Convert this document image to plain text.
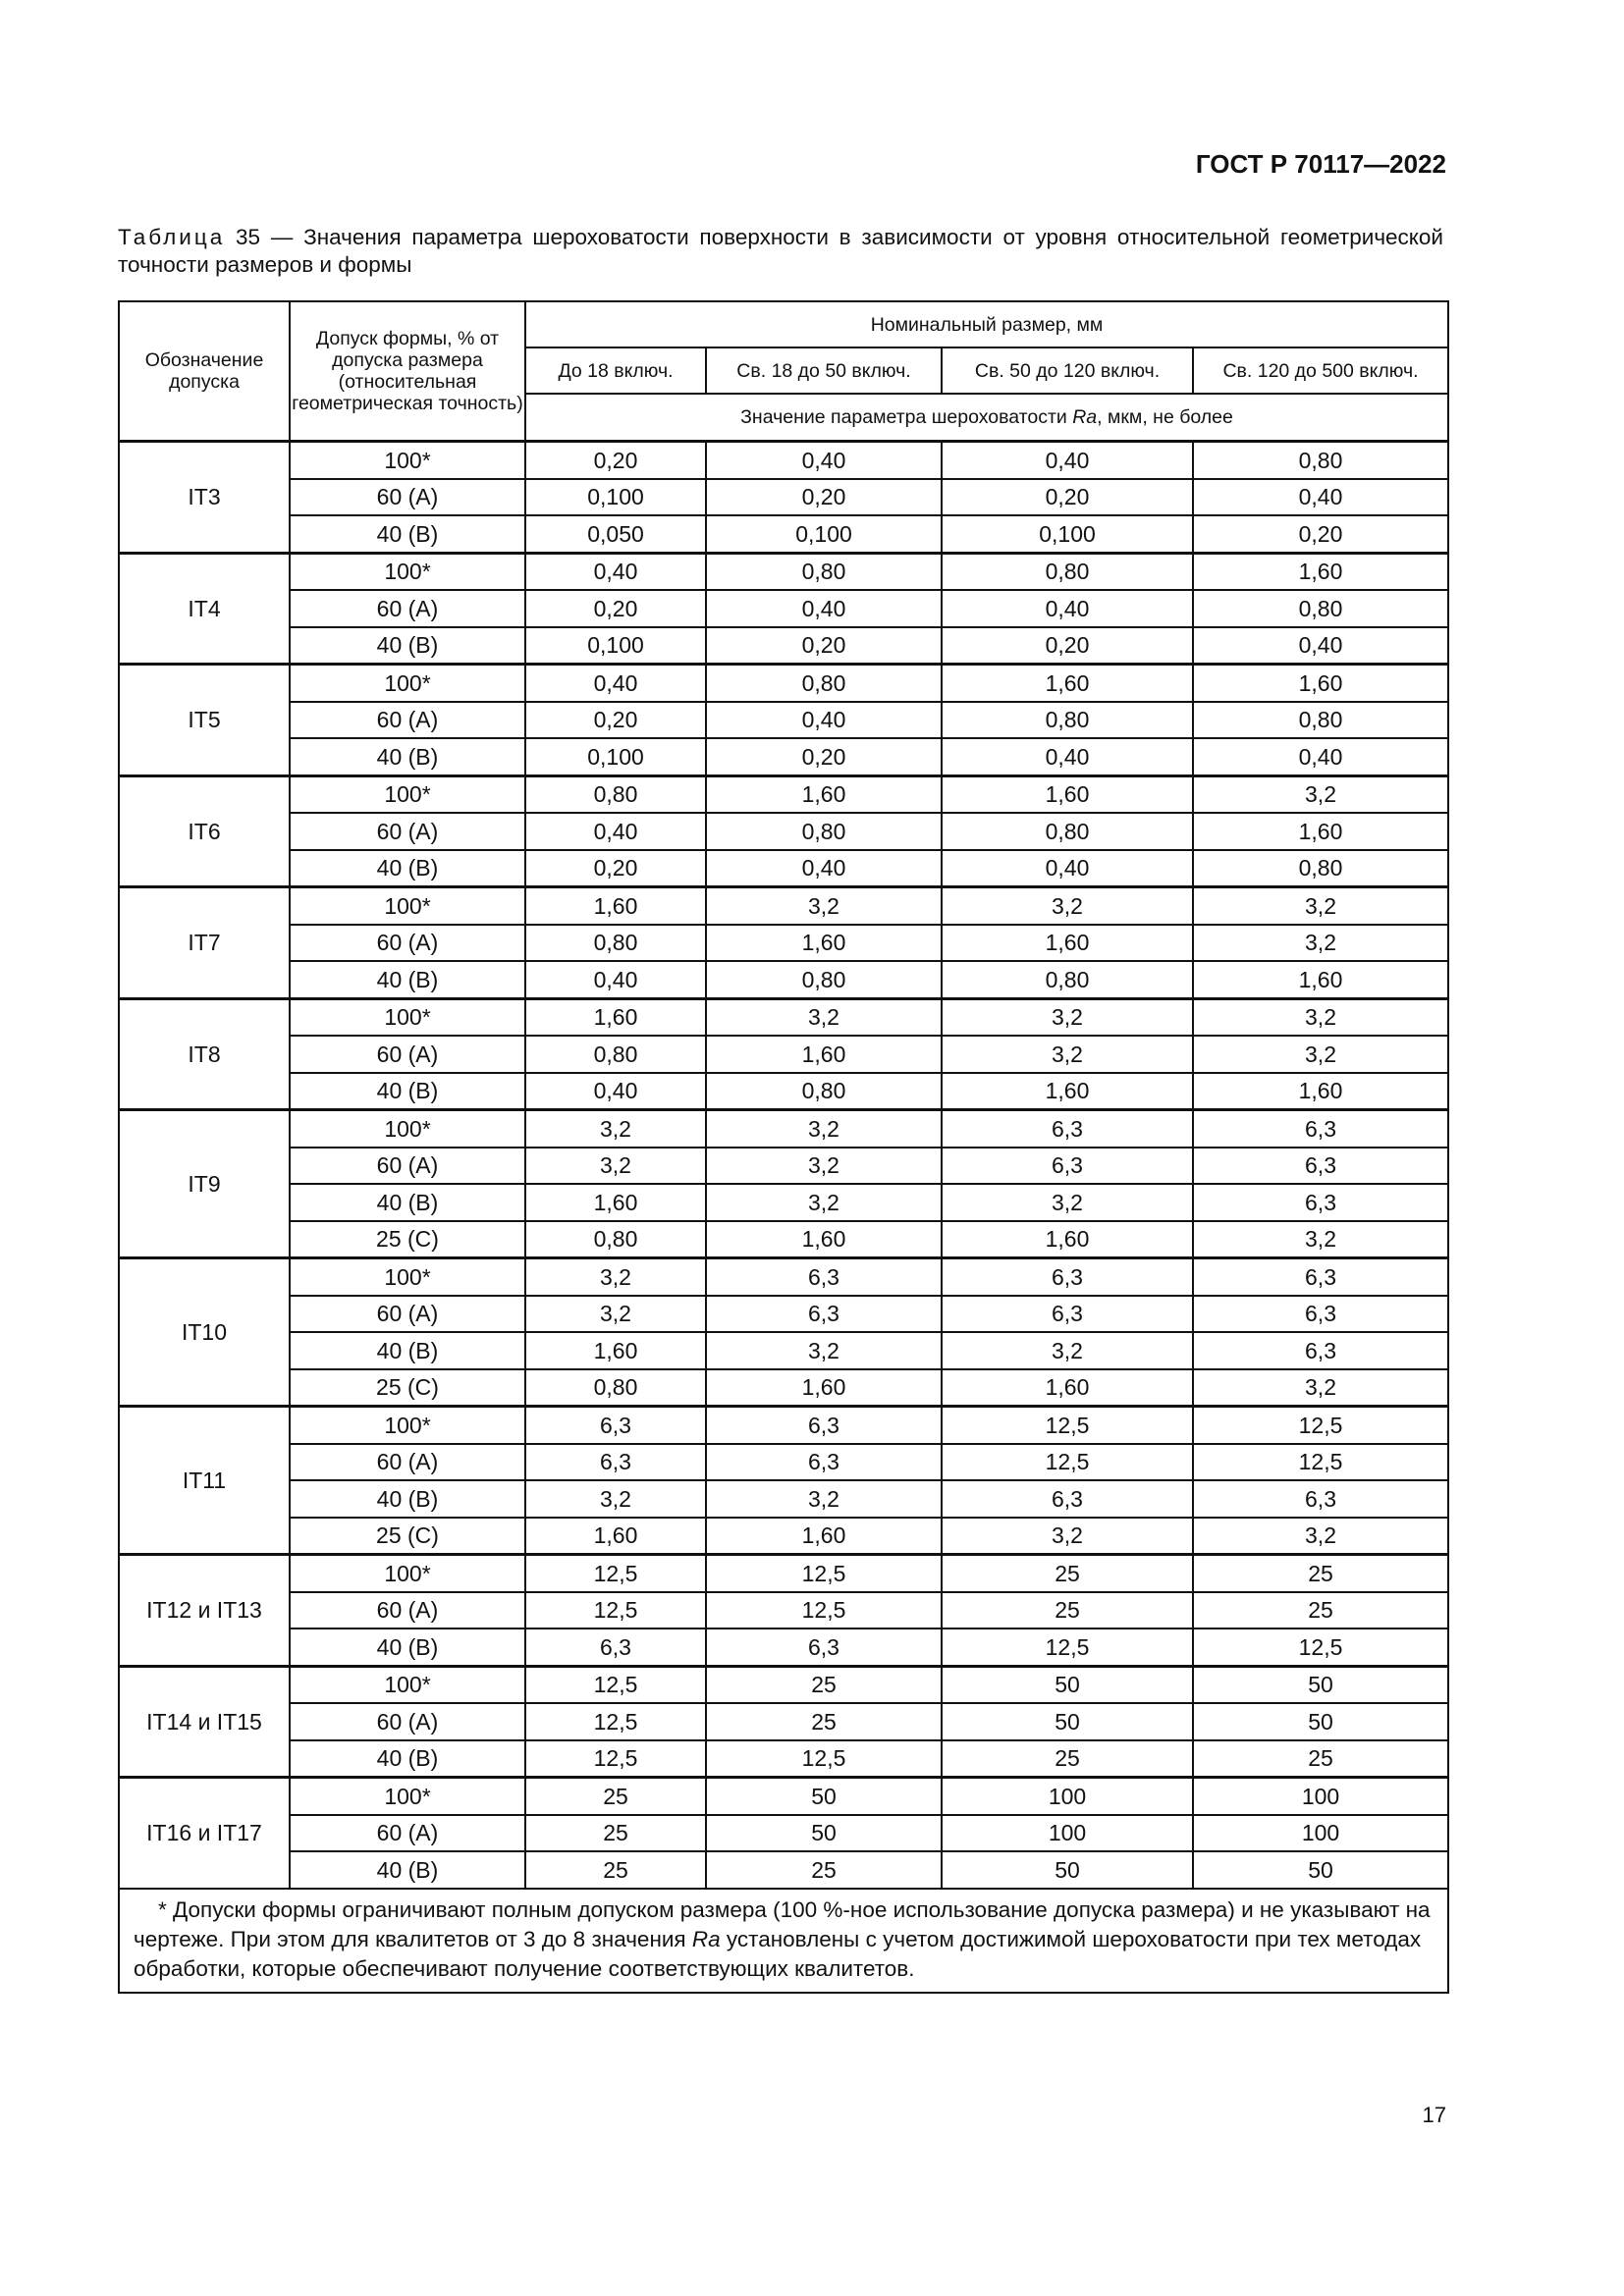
ГОСТ Р 70117—2022
Таблица 35 — Значения параметра шероховатости поверхности в зависимости от уровня относительной геометрической точности размеров и формы
Обозначение допуска	Допуск формы, % от допуска размера (относительная геометрическая точность)	Номинальный размер, мм			
		До 18 включ.	Св. 18 до 50 включ.	Св. 50 до 120 включ.	Св. 120 до 500 включ.
		Значение параметра шероховатости Ra, мкм, не более			
IT3	100*	0,20	0,40	0,40	0,80
	60 (A)	0,100	0,20	0,20	0,40
	40 (B)	0,050	0,100	0,100	0,20
IT4	100*	0,40	0,80	0,80	1,60
	60 (A)	0,20	0,40	0,40	0,80
	40 (B)	0,100	0,20	0,20	0,40
IT5	100*	0,40	0,80	1,60	1,60
	60 (A)	0,20	0,40	0,80	0,80
	40 (B)	0,100	0,20	0,40	0,40
IT6	100*	0,80	1,60	1,60	3,2
	60 (A)	0,40	0,80	0,80	1,60
	40 (B)	0,20	0,40	0,40	0,80
IT7	100*	1,60	3,2	3,2	3,2
	60 (A)	0,80	1,60	1,60	3,2
	40 (B)	0,40	0,80	0,80	1,60
IT8	100*	1,60	3,2	3,2	3,2
	60 (A)	0,80	1,60	3,2	3,2
	40 (B)	0,40	0,80	1,60	1,60
IT9	100*	3,2	3,2	6,3	6,3
	60 (A)	3,2	3,2	6,3	6,3
	40 (B)	1,60	3,2	3,2	6,3
	25 (C)	0,80	1,60	1,60	3,2
IT10	100*	3,2	6,3	6,3	6,3
	60 (A)	3,2	6,3	6,3	6,3
	40 (B)	1,60	3,2	3,2	6,3
	25 (C)	0,80	1,60	1,60	3,2
IT11	100*	6,3	6,3	12,5	12,5
	60 (A)	6,3	6,3	12,5	12,5
	40 (B)	3,2	3,2	6,3	6,3
	25 (C)	1,60	1,60	3,2	3,2
IT12 и IT13	100*	12,5	12,5	25	25
	60 (A)	12,5	12,5	25	25
	40 (B)	6,3	6,3	12,5	12,5
IT14 и IT15	100*	12,5	25	50	50
	60 (A)	12,5	25	50	50
	40 (B)	12,5	12,5	25	25
IT16 и IT17	100*	25	50	100	100
	60 (A)	25	50	100	100
	40 (B)	25	25	50	50
* Допуски формы ограничивают полным допуском размера (100 %-ное использование допуска размера) и не указывают на чертеже. При этом для квалитетов от 3 до 8 значения Ra установлены с учетом достижимой шероховатости при тех методах обработки, которые обеспечивают получение соответствующих квалитетов.					
17
